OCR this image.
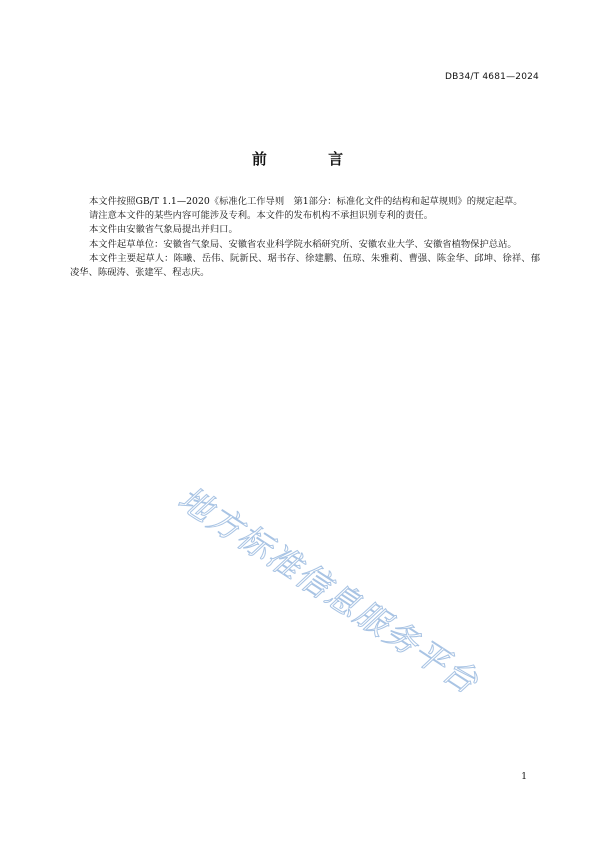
DB34/T 4681—2024
前 言

本文件按照GB/T 1.1—2020《标准化工作导则　第1部分：标准化文件的结构和起草规则》的规定起草。

请注意本文件的某些内容可能涉及专利。本文件的发布机构不承担识别专利的责任。

本文件由安徽省气象局提出并归口。

本文件起草单位：安徽省气象局、安徽省农业科学院水稻研究所、安徽农业大学、安徽省植物保护总站。

本文件主要起草人：陈曦、岳伟、阮新民、琚书存、徐建鹏、伍琼、朱雅莉、曹强、陈金华、邱坤、徐祥、郁凌华、陈砚涛、张建军、程志庆。

地方标准信息服务平台
1
